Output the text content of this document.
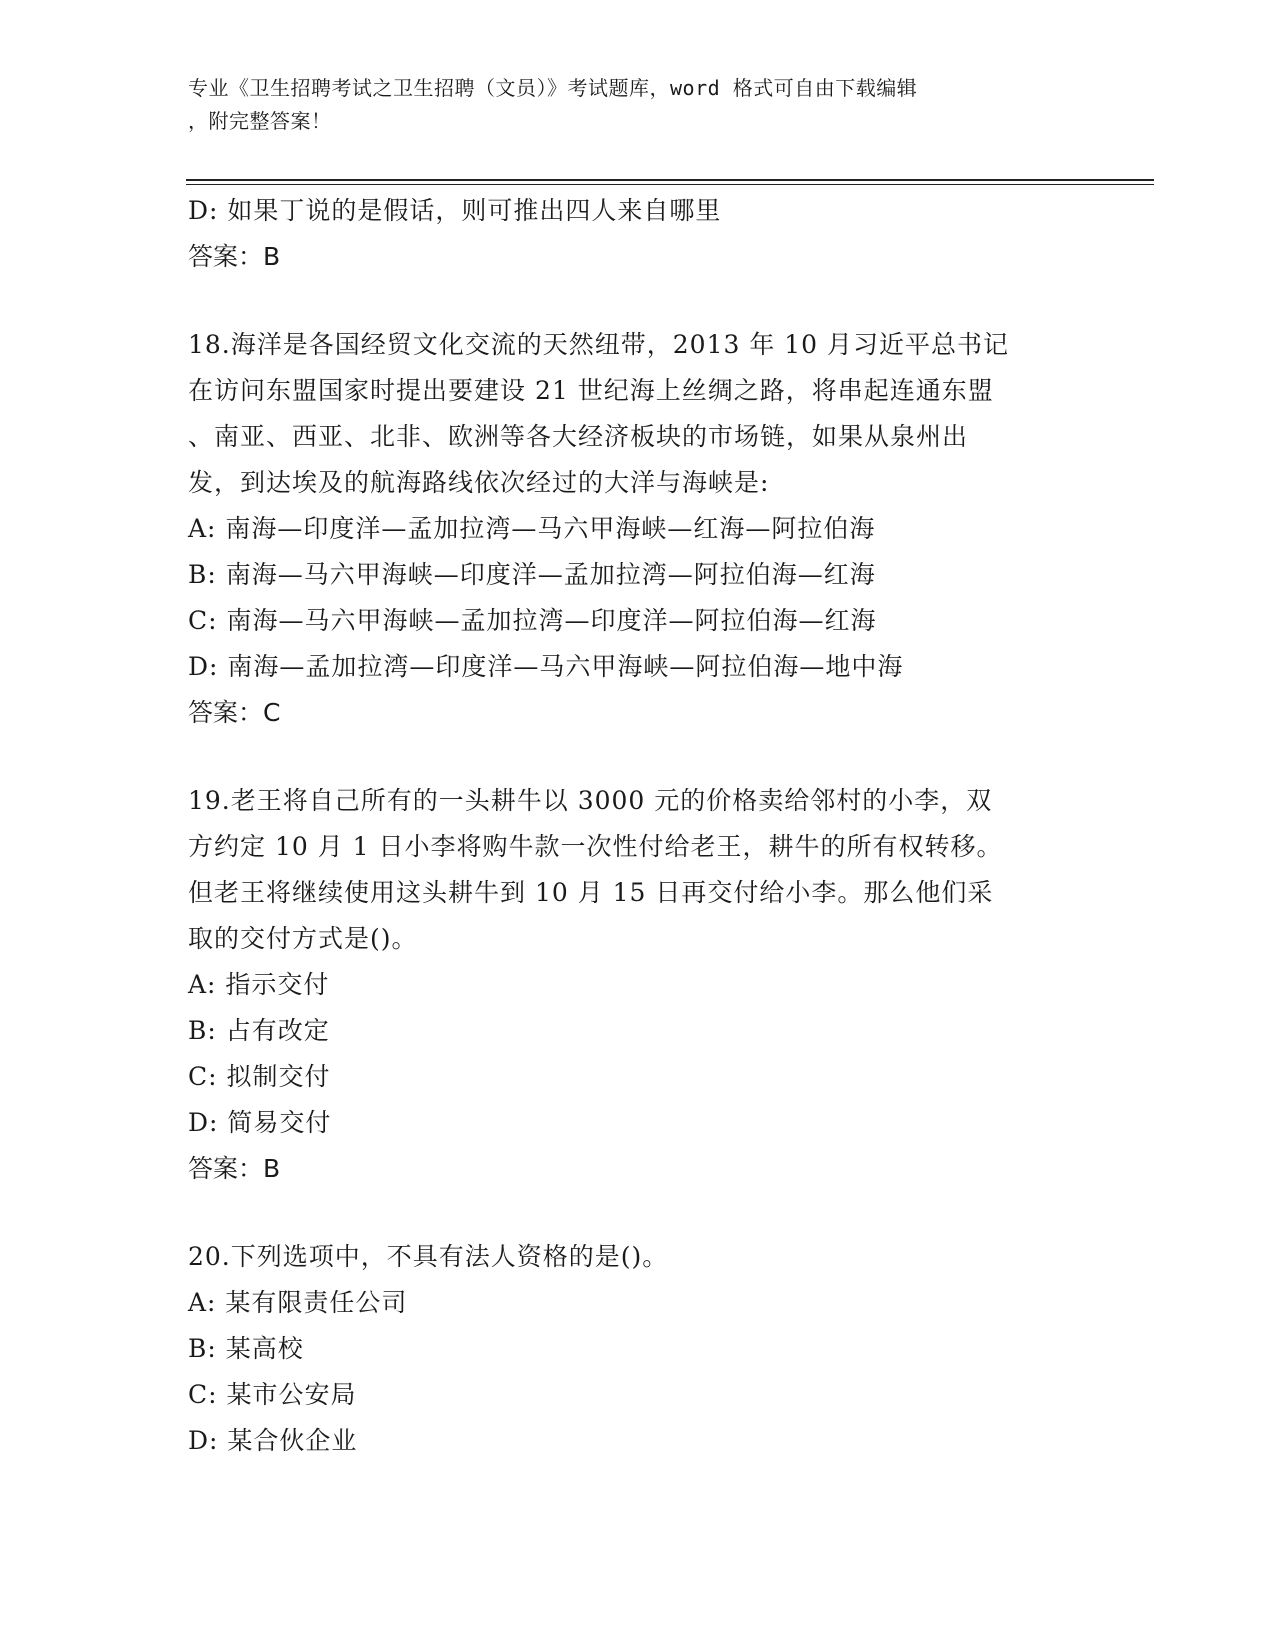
专业《卫生招聘考试之卫生招聘（文员）》考试题库，word 格式可自由下载编辑
，附完整答案！
D: 如果丁说的是假话，则可推出四人来自哪里
答案：B
18.海洋是各国经贸文化交流的天然纽带，2013 年 10 月习近平总书记
在访问东盟国家时提出要建设 21 世纪海上丝绸之路，将串起连通东盟
、南亚、西亚、北非、欧洲等各大经济板块的市场链，如果从泉州出
发，到达埃及的航海路线依次经过的大洋与海峡是:
A: 南海—印度洋—孟加拉湾—马六甲海峡—红海—阿拉伯海
B: 南海—马六甲海峡—印度洋—孟加拉湾—阿拉伯海—红海
C: 南海—马六甲海峡—孟加拉湾—印度洋—阿拉伯海—红海
D: 南海—孟加拉湾—印度洋—马六甲海峡—阿拉伯海—地中海
答案：C
19.老王将自己所有的一头耕牛以 3000 元的价格卖给邻村的小李，双
方约定 10 月 1 日小李将购牛款一次性付给老王，耕牛的所有权转移。
但老王将继续使用这头耕牛到 10 月 15 日再交付给小李。那么他们采
取的交付方式是()。
A: 指示交付
B: 占有改定
C: 拟制交付
D: 简易交付
答案：B
20.下列选项中，不具有法人资格的是()。
A: 某有限责任公司
B: 某高校
C: 某市公安局
D: 某合伙企业
